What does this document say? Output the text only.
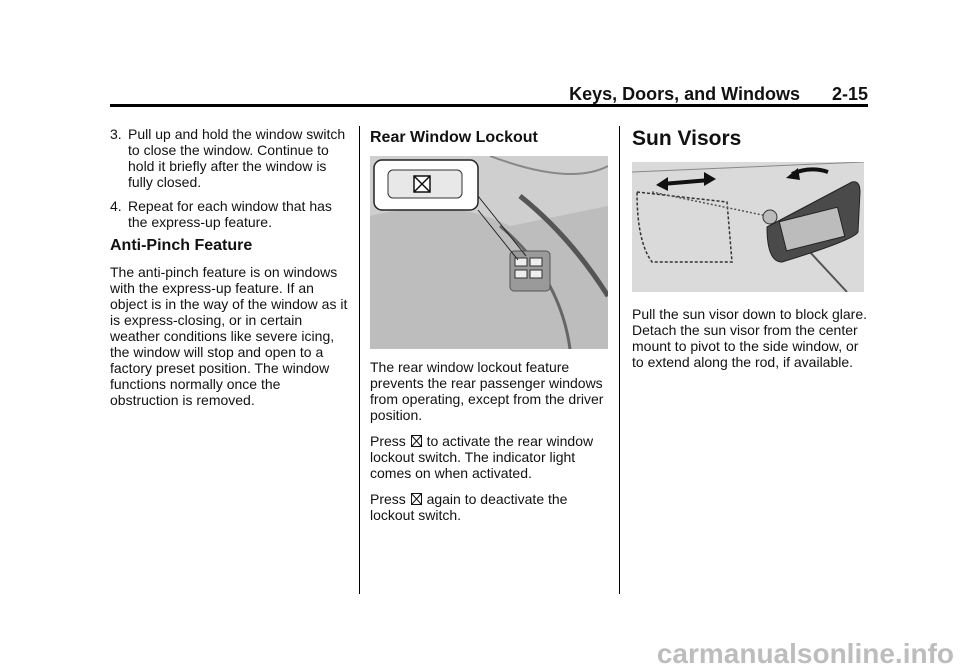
Keys, Doors, and Windows 2-15
3. Pull up and hold the window switch to close the window. Continue to hold it briefly after the window is fully closed.
4. Repeat for each window that has the express-up feature.
Anti-Pinch Feature

The anti-pinch feature is on windows with the express-up feature. If an object is in the way of the window as it is express-closing, or in certain weather conditions like severe icing, the window will stop and open to a factory preset position. The window functions normally once the obstruction is removed.

Rear Window Lockout

The rear window lockout feature prevents the rear passenger windows from operating, except from the driver position.

Press  to activate the rear window lockout switch. The indicator light comes on when activated.

Press  again to deactivate the lockout switch.

Sun Visors

Pull the sun visor down to block glare. Detach the sun visor from the center mount to pivot to the side window, or to extend along the rod, if available.

carmanualsonline.info
